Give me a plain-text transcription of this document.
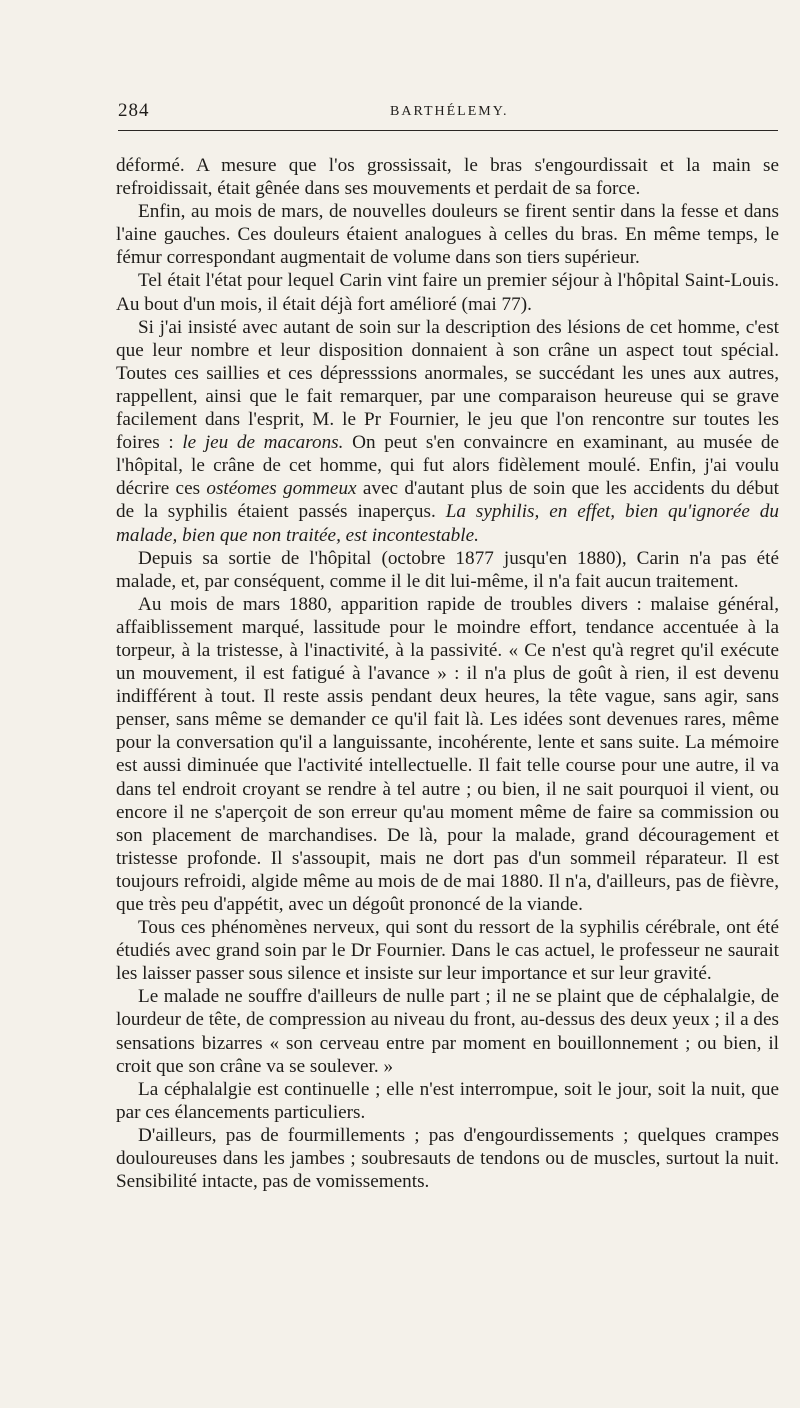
284	BARTHÉLEMY.

déformé. A mesure que l'os grossissait, le bras s'engourdissait et la main se refroidissait, était gênée dans ses mouvements et perdait de sa force.

Enfin, au mois de mars, de nouvelles douleurs se firent sentir dans la fesse et dans l'aine gauches. Ces douleurs étaient analogues à celles du bras. En même temps, le fémur correspondant augmentait de volume dans son tiers supérieur.

Tel était l'état pour lequel Carin vint faire un premier séjour à l'hôpital Saint-Louis. Au bout d'un mois, il était déjà fort amélioré (mai 77).

Si j'ai insisté avec autant de soin sur la description des lésions de cet homme, c'est que leur nombre et leur disposition donnaient à son crâne un aspect tout spécial. Toutes ces saillies et ces dépresssions anormales, se succédant les unes aux autres, rappellent, ainsi que le fait remarquer, par une comparaison heureuse qui se grave facilement dans l'esprit, M. le Pr Fournier, le jeu que l'on rencontre sur toutes les foires : le jeu de macarons. On peut s'en convaincre en examinant, au musée de l'hôpital, le crâne de cet homme, qui fut alors fidèlement moulé. Enfin, j'ai voulu décrire ces ostéomes gommeux avec d'autant plus de soin que les accidents du début de la syphilis étaient passés inaperçus. La syphilis, en effet, bien qu'ignorée du malade, bien que non traitée, est incontestable.

Depuis sa sortie de l'hôpital (octobre 1877 jusqu'en 1880), Carin n'a pas été malade, et, par conséquent, comme il le dit lui-même, il n'a fait aucun traitement.

Au mois de mars 1880, apparition rapide de troubles divers : malaise général, affaiblissement marqué, lassitude pour le moindre effort, tendance accentuée à la torpeur, à la tristesse, à l'inactivité, à la passivité. « Ce n'est qu'à regret qu'il exécute un mouvement, il est fatigué à l'avance » : il n'a plus de goût à rien, il est devenu indifférent à tout. Il reste assis pendant deux heures, la tête vague, sans agir, sans penser, sans même se demander ce qu'il fait là. Les idées sont devenues rares, même pour la conversation qu'il a languissante, incohérente, lente et sans suite. La mémoire est aussi diminuée que l'activité intellectuelle. Il fait telle course pour une autre, il va dans tel endroit croyant se rendre à tel autre ; ou bien, il ne sait pourquoi il vient, ou encore il ne s'aperçoit de son erreur qu'au moment même de faire sa commission ou son placement de marchandises. De là, pour la malade, grand découragement et tristesse profonde. Il s'assoupit, mais ne dort pas d'un sommeil réparateur. Il est toujours refroidi, algide même au mois de de mai 1880. Il n'a, d'ailleurs, pas de fièvre, que très peu d'appétit, avec un dégoût prononcé de la viande.

Tous ces phénomènes nerveux, qui sont du ressort de la syphilis cérébrale, ont été étudiés avec grand soin par le Dr Fournier. Dans le cas actuel, le professeur ne saurait les laisser passer sous silence et insiste sur leur importance et sur leur gravité.

Le malade ne souffre d'ailleurs de nulle part ; il ne se plaint que de céphalalgie, de lourdeur de tête, de compression au niveau du front, au-dessus des deux yeux ; il a des sensations bizarres « son cerveau entre par moment en bouillonnement ; ou bien, il croit que son crâne va se soulever. »

La céphalalgie est continuelle ; elle n'est interrompue, soit le jour, soit la nuit, que par ces élancements particuliers.

D'ailleurs, pas de fourmillements ; pas d'engourdissements ; quelques crampes douloureuses dans les jambes ; soubresauts de tendons ou de muscles, surtout la nuit. Sensibilité intacte, pas de vomissements.
